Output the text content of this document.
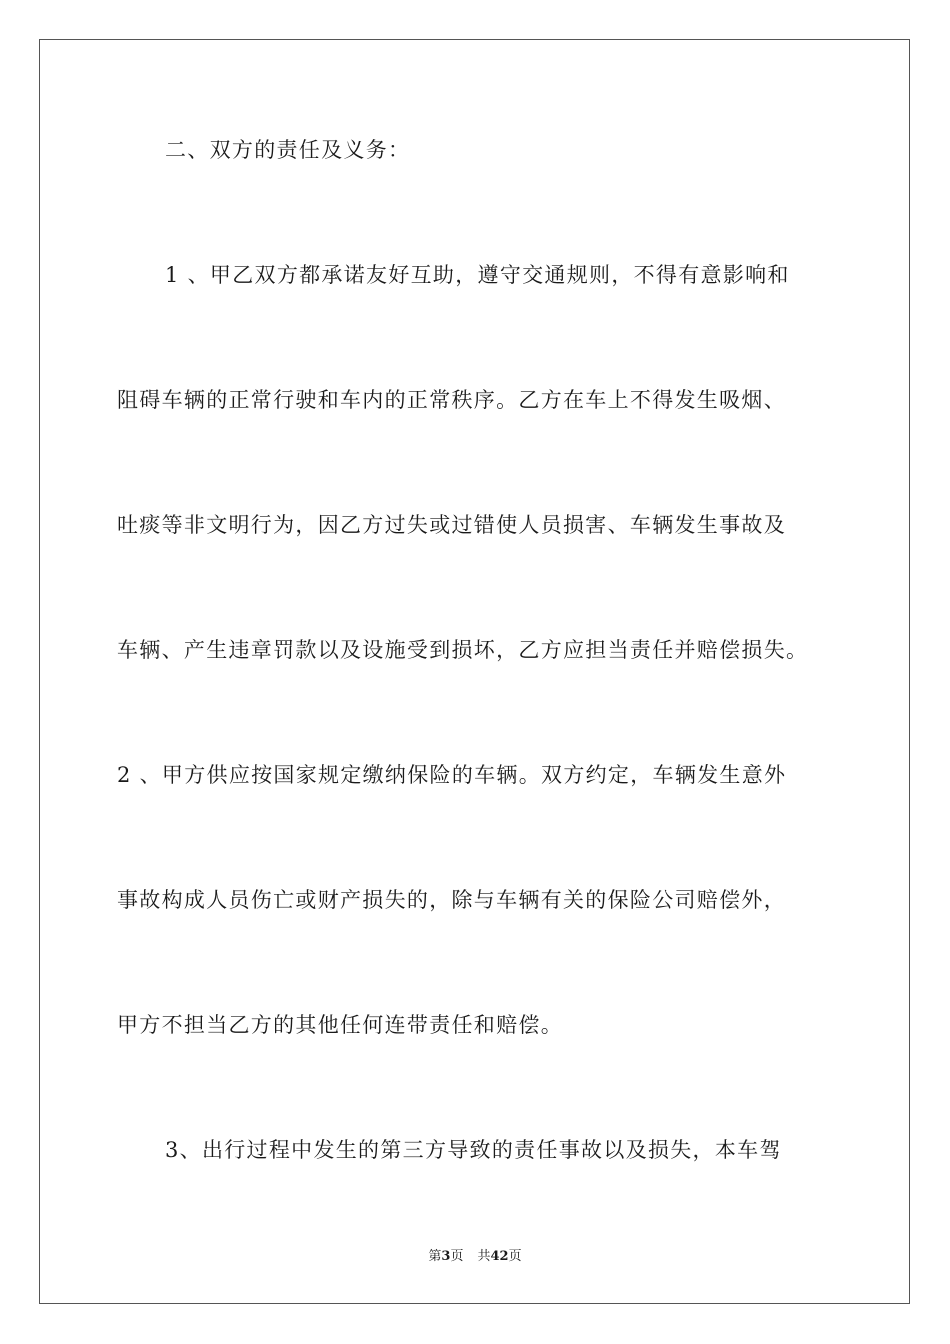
二、双方的责任及义务：
1 、甲乙双方都承诺友好互助，遵守交通规则，不得有意影响和
阻碍车辆的正常行驶和车内的正常秩序。乙方在车上不得发生吸烟、
吐痰等非文明行为，因乙方过失或过错使人员损害、车辆发生事故及
车辆、产生违章罚款以及设施受到损坏，乙方应担当责任并赔偿损失。
2 、甲方供应按国家规定缴纳保险的车辆。双方约定，车辆发生意外
事故构成人员伤亡或财产损失的，除与车辆有关的保险公司赔偿外，
甲方不担当乙方的其他任何连带责任和赔偿。
3、出行过程中发生的第三方导致的责任事故以及损失，本车驾
第3页 共42页
